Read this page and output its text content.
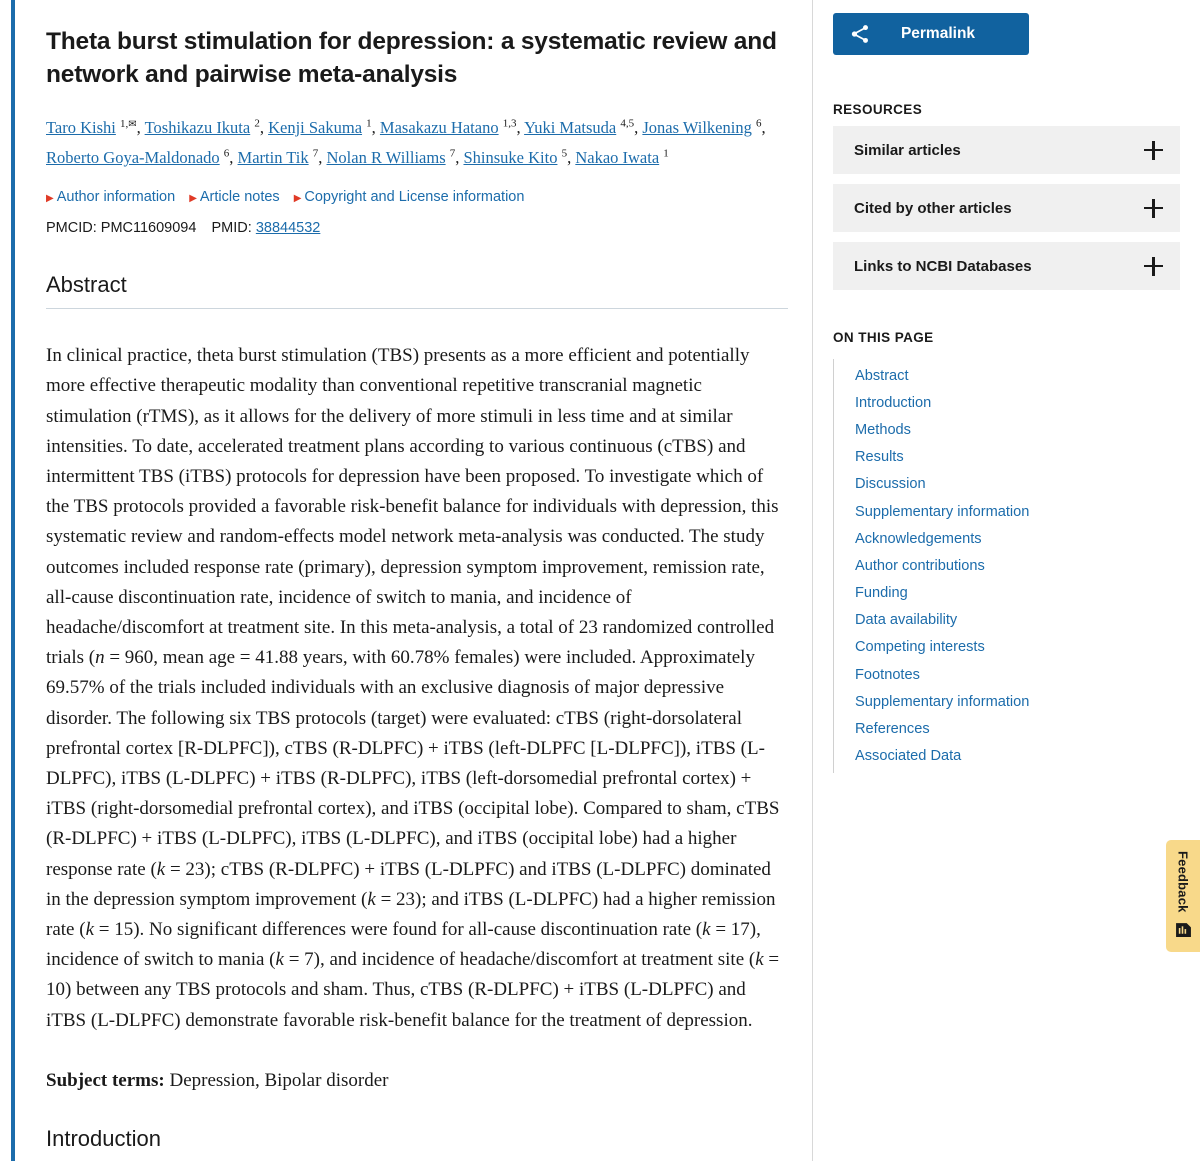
Theta burst stimulation for depression: a systematic review and network and pairwise meta-analysis
Taro Kishi $^{1,✉}$, Toshikazu Ikuta $^2$, Kenji Sakuma $^1$, Masakazu Hatano $^{1,3}$, Yuki Matsuda $^{4,5}$, Jonas Wilkening $^6$, Roberto Goya-Maldonado $^6$, Martin Tik $^7$, Nolan R Williams $^7$, Shinsuke Kito $^5$, Nakao Iwata $^1$
▶ Author information ▶ Article notes ▶ Copyright and License information
PMCID: PMC11609094 PMID: 38844532
Abstract

In clinical practice, theta burst stimulation (TBS) presents as a more efficient and potentially more effective therapeutic modality than conventional repetitive transcranial magnetic stimulation (rTMS), as it allows for the delivery of more stimuli in less time and at similar intensities. To date, accelerated treatment plans according to various continuous (cTBS) and intermittent TBS (iTBS) protocols for depression have been proposed. To investigate which of the TBS protocols provided a favorable risk-benefit balance for individuals with depression, this systematic review and random-effects model network meta-analysis was conducted. The study outcomes included response rate (primary), depression symptom improvement, remission rate, all-cause discontinuation rate, incidence of switch to mania, and incidence of headache/discomfort at treatment site. In this meta-analysis, a total of 23 randomized controlled trials (n = 960, mean age = 41.88 years, with 60.78% females) were included. Approximately 69.57% of the trials included individuals with an exclusive diagnosis of major depressive disorder. The following six TBS protocols (target) were evaluated: cTBS (right-dorsolateral prefrontal cortex [R-DLPFC]), cTBS (R-DLPFC) + iTBS (left-DLPFC [L-DLPFC]), iTBS (L-DLPFC), iTBS (L-DLPFC) + iTBS (R-DLPFC), iTBS (left-dorsomedial prefrontal cortex) + iTBS (right-dorsomedial prefrontal cortex), and iTBS (occipital lobe). Compared to sham, cTBS (R-DLPFC) + iTBS (L-DLPFC), iTBS (L-DLPFC), and iTBS (occipital lobe) had a higher response rate (k = 23); cTBS (R-DLPFC) + iTBS (L-DLPFC) and iTBS (L-DLPFC) dominated in the depression symptom improvement (k = 23); and iTBS (L-DLPFC) had a higher remission rate (k = 15). No significant differences were found for all-cause discontinuation rate (k = 17), incidence of switch to mania (k = 7), and incidence of headache/discomfort at treatment site (k = 10) between any TBS protocols and sham. Thus, cTBS (R-DLPFC) + iTBS (L-DLPFC) and iTBS (L-DLPFC) demonstrate favorable risk-benefit balance for the treatment of depression.

Subject terms: Depression, Bipolar disorder

Introduction
Permalink
RESOURCES
Similar articles
Cited by other articles
Links to NCBI Databases
ON THIS PAGE
Abstract
Introduction
Methods
Results
Discussion
Supplementary information
Acknowledgements
Author contributions
Funding
Data availability
Competing interests
Footnotes
Supplementary information
References
Associated Data
Feedback
